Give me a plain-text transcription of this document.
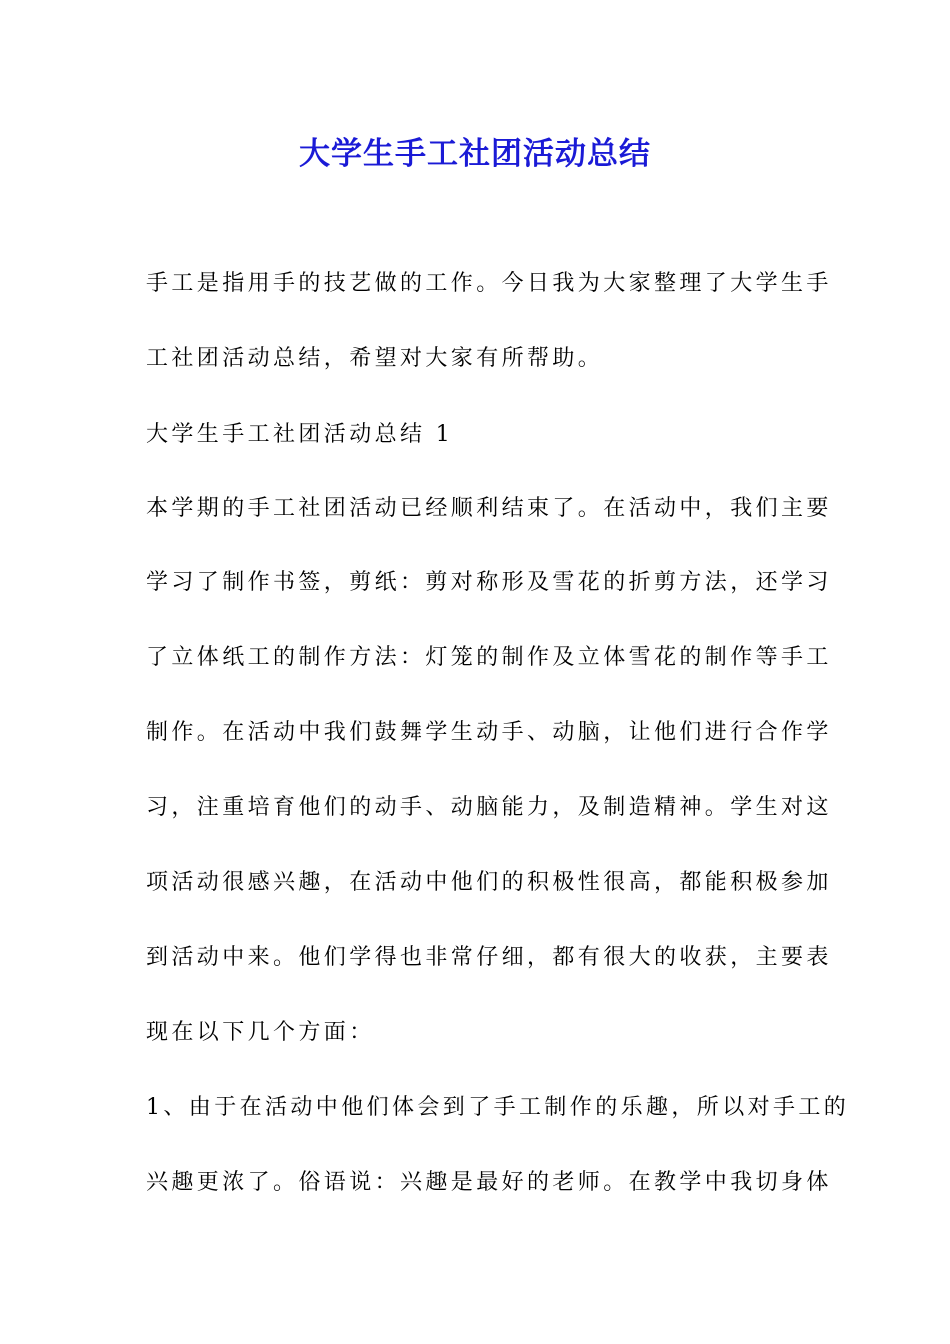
大学生手工社团活动总结
手工是指用手的技艺做的工作。今日我为大家整理了大学生手
工社团活动总结，希望对大家有所帮助。
大学生手工社团活动总结 1
本学期的手工社团活动已经顺利结束了。在活动中，我们主要
学习了制作书签，剪纸：剪对称形及雪花的折剪方法，还学习
了立体纸工的制作方法：灯笼的制作及立体雪花的制作等手工
制作。在活动中我们鼓舞学生动手、动脑，让他们进行合作学
习，注重培育他们的动手、动脑能力，及制造精神。学生对这
项活动很感兴趣，在活动中他们的积极性很高，都能积极参加
到活动中来。他们学得也非常仔细，都有很大的收获，主要表
现在以下几个方面：
1、由于在活动中他们体会到了手工制作的乐趣，所以对手工的
兴趣更浓了。俗语说：兴趣是最好的老师。在教学中我切身体
